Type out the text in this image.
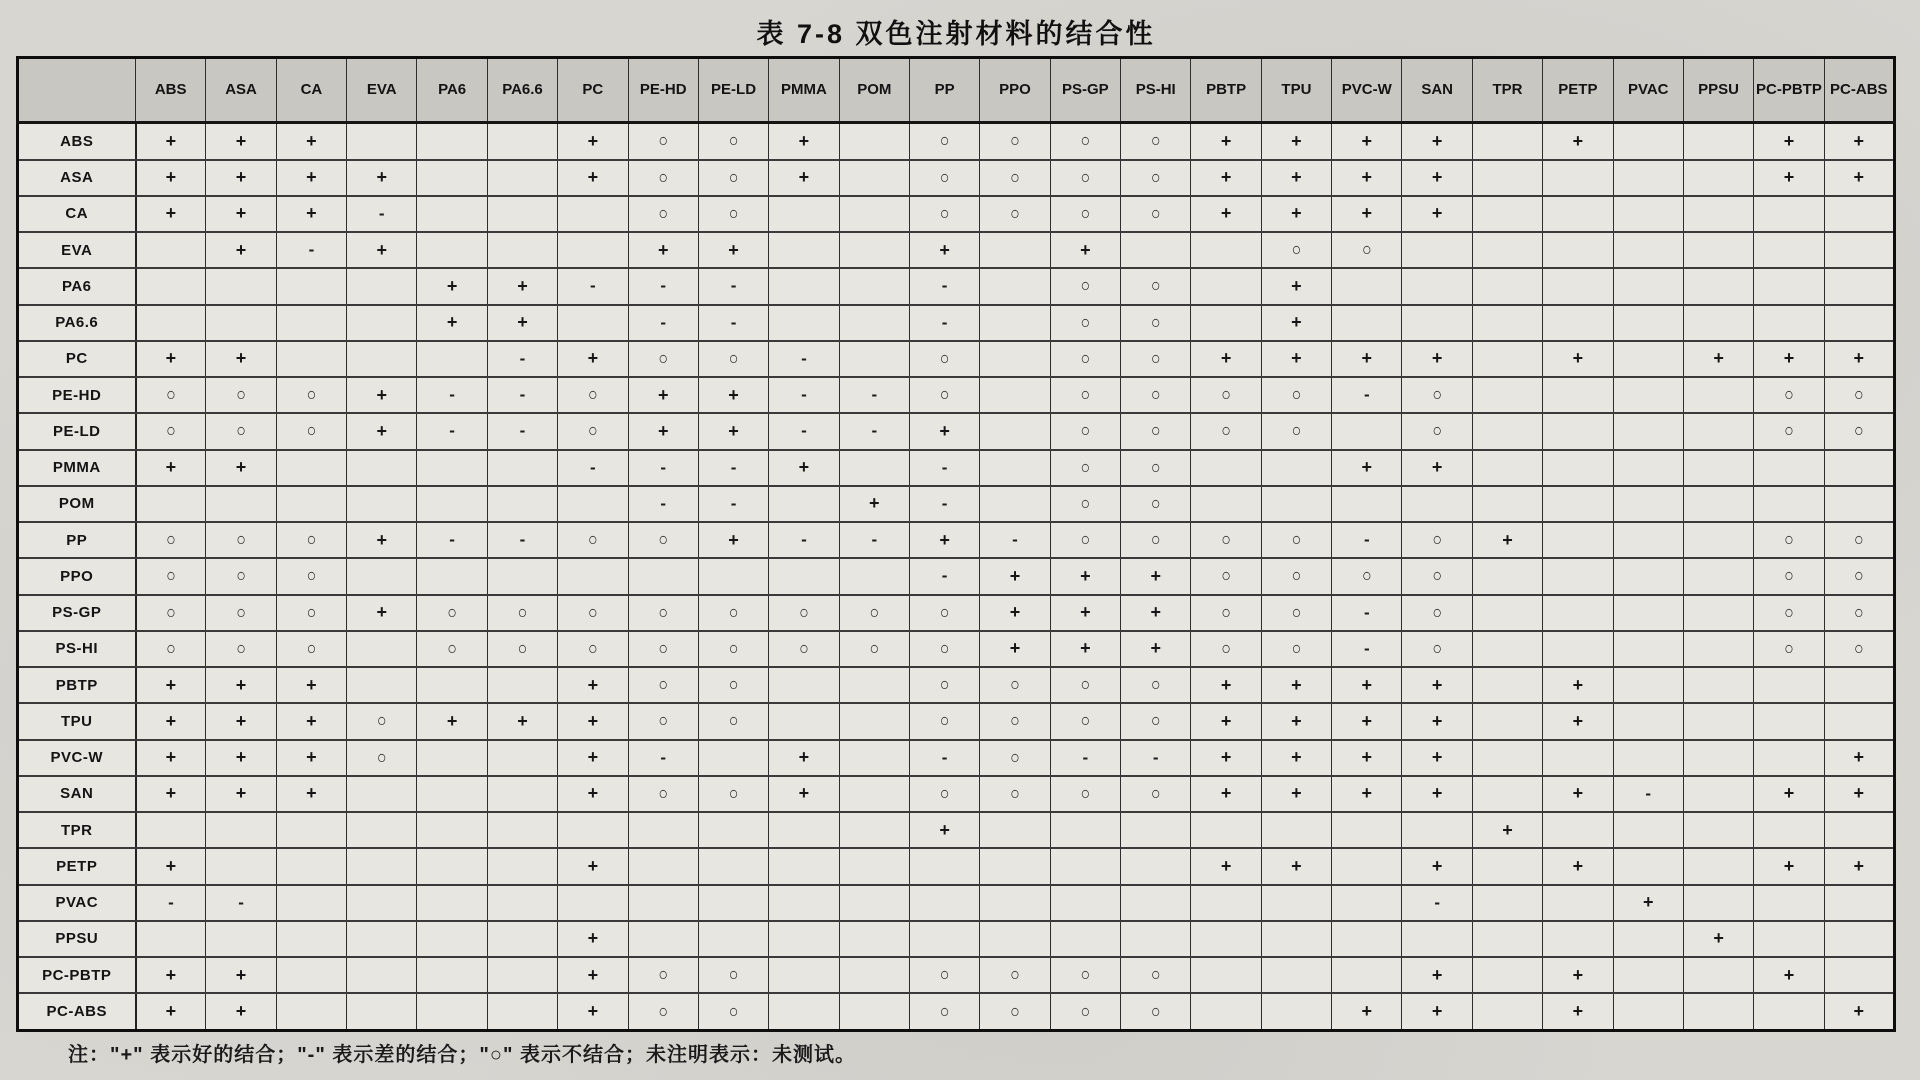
表 7-8 双色注射材料的结合性
	ABS	ASA	CA	EVA	PA6	PA6.6	PC	PE-HD	PE-LD	PMMA	POM	PP	PPO	PS-GP	PS-HI	PBTP	TPU	PVC-W	SAN	TPR	PETP	PVAC	PPSU	PC-PBTP	PC-ABS
ABS	+	+	+				+	○	○	+		○	○	○	○	+	+	+	+		+			+	+
ASA	+	+	+	+			+	○	○	+		○	○	○	○	+	+	+	+					+	+
CA	+	+	+	-				○	○			○	○	○	○	+	+	+	+						
EVA		+	-	+				+	+			+		+			○	○							
PA6					+	+	-	-	-			-		○	○		+								
PA6.6					+	+		-	-			-		○	○		+								
PC	+	+				-	+	○	○	-		○		○	○	+	+	+	+		+		+	+	+
PE-HD	○	○	○	+	-	-	○	+	+	-	-	○		○	○	○	○	-	○					○	○
PE-LD	○	○	○	+	-	-	○	+	+	-	-	+		○	○	○	○		○					○	○
PMMA	+	+					-	-	-	+		-		○	○			+	+						
POM								-	-		+	-		○	○										
PP	○	○	○	+	-	-	○	○	+	-	-	+	-	○	○	○	○	-	○	+				○	○
PPO	○	○	○									-	+	+	+	○	○	○	○					○	○
PS-GP	○	○	○	+	○	○	○	○	○	○	○	○	+	+	+	○	○	-	○					○	○
PS-HI	○	○	○		○	○	○	○	○	○	○	○	+	+	+	○	○	-	○					○	○
PBTP	+	+	+				+	○	○			○	○	○	○	+	+	+	+		+				
TPU	+	+	+	○	+	+	+	○	○			○	○	○	○	+	+	+	+		+				
PVC-W	+	+	+	○			+	-		+		-	○	-	-	+	+	+	+						+
SAN	+	+	+				+	○	○	+		○	○	○	○	+	+	+	+		+	-		+	+
TPR												+								+					
PETP	+						+									+	+		+		+			+	+
PVAC	-	-																	-			+			
PPSU							+																+		
PC-PBTP	+	+					+	○	○			○	○	○	○				+		+			+	
PC-ABS	+	+					+	○	○			○	○	○	○			+	+		+				+
注："+" 表示好的结合；"-" 表示差的结合；"○" 表示不结合；未注明表示：未测试。
